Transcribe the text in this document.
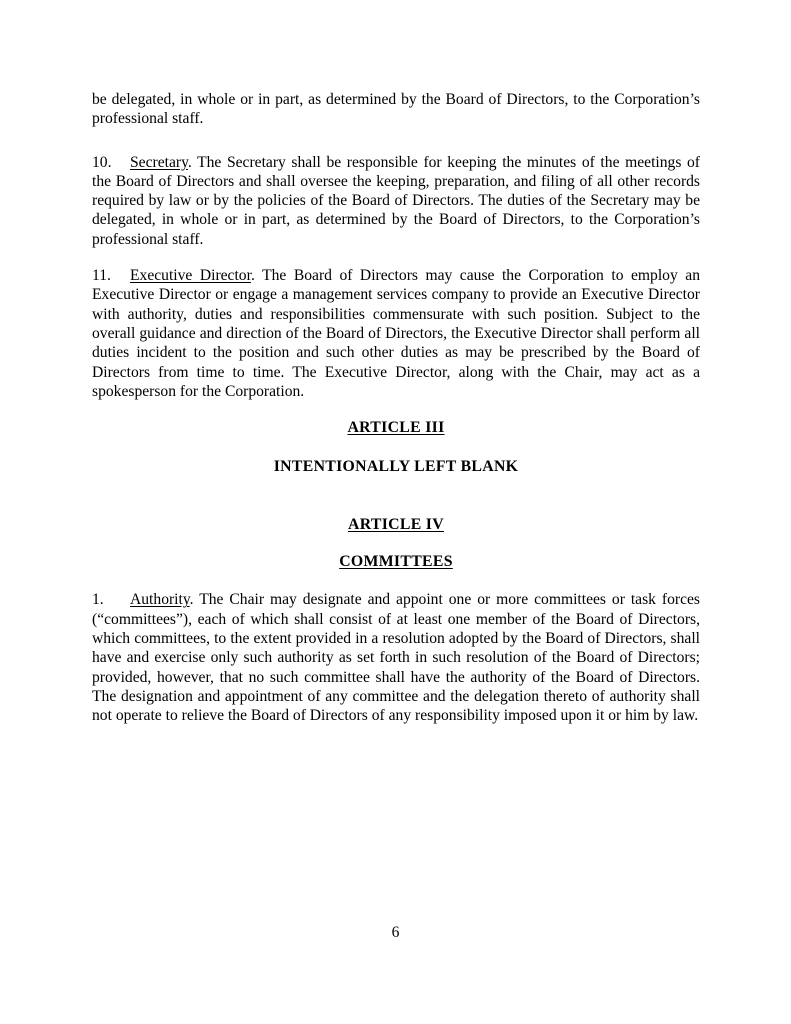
be delegated, in whole or in part, as determined by the Board of Directors, to the Corporation’s professional staff.

10. Secretary. The Secretary shall be responsible for keeping the minutes of the meetings of the Board of Directors and shall oversee the keeping, preparation, and filing of all other records required by law or by the policies of the Board of Directors. The duties of the Secretary may be delegated, in whole or in part, as determined by the Board of Directors, to the Corporation’s professional staff.

11. Executive Director. The Board of Directors may cause the Corporation to employ an Executive Director or engage a management services company to provide an Executive Director with authority, duties and responsibilities commensurate with such position. Subject to the overall guidance and direction of the Board of Directors, the Executive Director shall perform all duties incident to the position and such other duties as may be prescribed by the Board of Directors from time to time. The Executive Director, along with the Chair, may act as a spokesperson for the Corporation.

ARTICLE III
INTENTIONALLY LEFT BLANK
ARTICLE IV
COMMITTEES

1. Authority. The Chair may designate and appoint one or more committees or task forces (“committees”), each of which shall consist of at least one member of the Board of Directors, which committees, to the extent provided in a resolution adopted by the Board of Directors, shall have and exercise only such authority as set forth in such resolution of the Board of Directors; provided, however, that no such committee shall have the authority of the Board of Directors. The designation and appointment of any committee and the delegation thereto of authority shall not operate to relieve the Board of Directors of any responsibility imposed upon it or him by law.

6
